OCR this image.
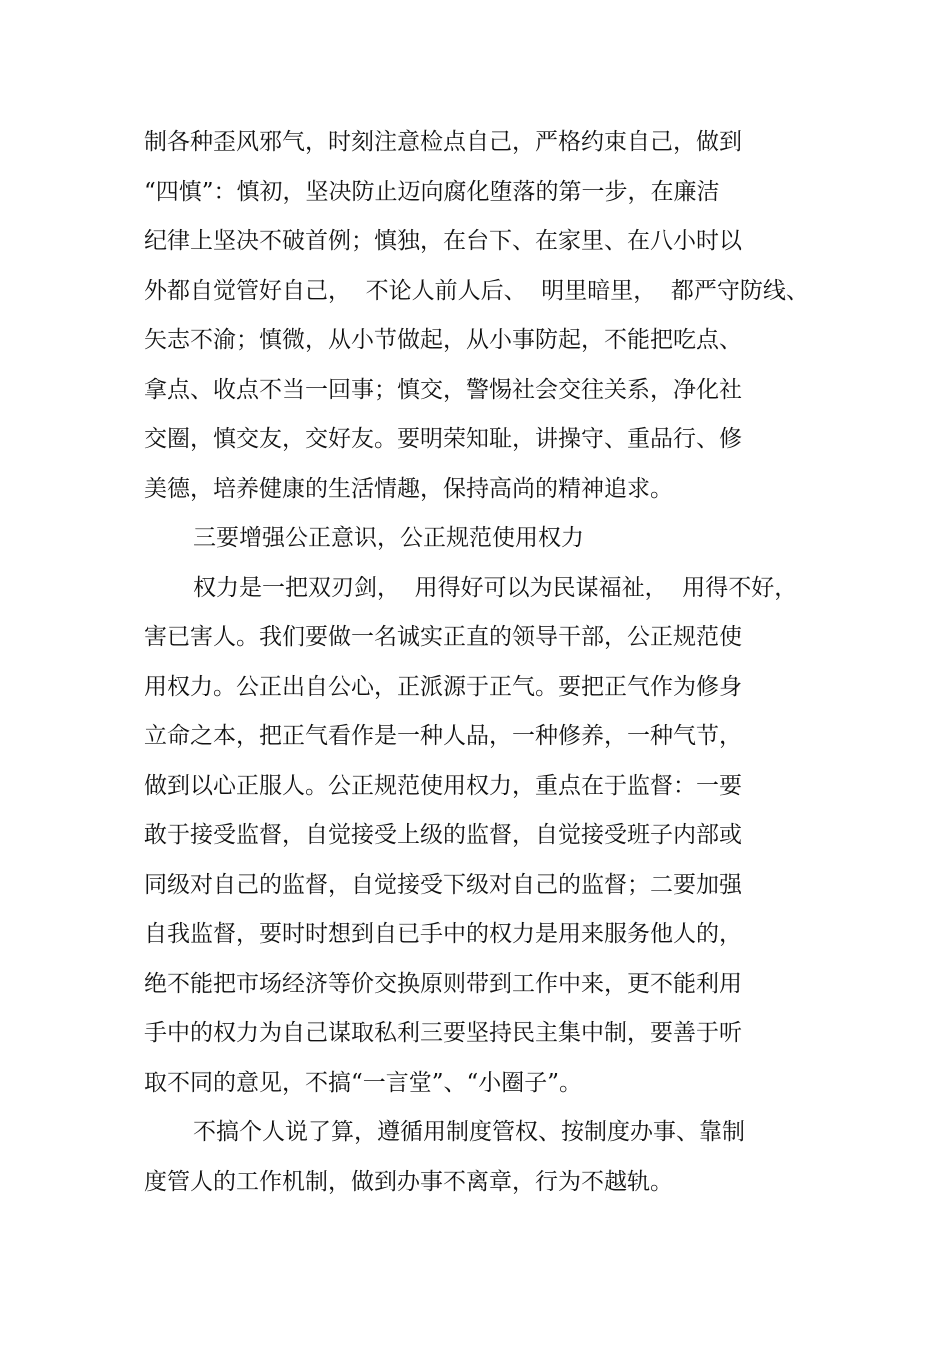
制各种歪风邪气，时刻注意检点自己，严格约束自己，做到
“四慎”：慎初，坚决防止迈向腐化堕落的第一步，在廉洁
纪律上坚决不破首例；慎独，在台下、在家里、在八小时以
外都自觉管好自己，  不论人前人后、  明里暗里，  都严守防线、
矢志不渝；慎微，从小节做起，从小事防起，不能把吃点、
拿点、收点不当一回事；慎交，警惕社会交往关系，净化社
交圈，慎交友，交好友。要明荣知耻，讲操守、重品行、修
美德，培养健康的生活情趣，保持高尚的精神追求。
三要增强公正意识，公正规范使用权力
权力是一把双刃剑，  用得好可以为民谋福祉，  用得不好，
害已害人。我们要做一名诚实正直的领导干部，公正规范使
用权力。公正出自公心，正派源于正气。要把正气作为修身
立命之本，把正气看作是一种人品，一种修养，一种气节，
做到以心正服人。公正规范使用权力，重点在于监督：一要
敢于接受监督，自觉接受上级的监督，自觉接受班子内部或
同级对自己的监督，自觉接受下级对自己的监督；二要加强
自我监督，要时时想到自已手中的权力是用来服务他人的，
绝不能把市场经济等价交换原则带到工作中来，更不能利用
手中的权力为自己谋取私利三要坚持民主集中制，要善于听
取不同的意见，不搞“一言堂”、“小圈子”。
不搞个人说了算，遵循用制度管权、按制度办事、靠制
度管人的工作机制，做到办事不离章，行为不越轨。
